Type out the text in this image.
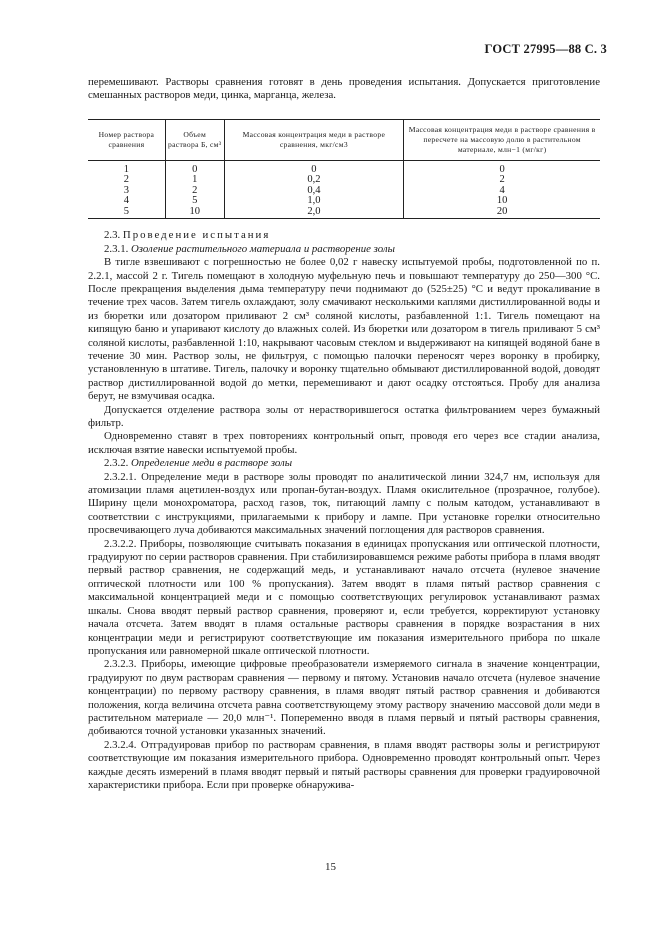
ГОСТ 27995—88 С. 3

перемешивают. Растворы сравнения готовят в день проведения испытания. Допускается приготовление смешанных растворов меди, цинка, марганца, железа.

Номер раствора сравнения	Объем раствора Б, см³	Массовая концентрация меди в растворе сравнения, мкг/см3	Массовая концентрация меди в растворе сравнения в пересчете на массовую долю в растительном материале, млн−1 (мг/кг)
1	0	0	0
2	1	0,2	2
3	2	0,4	4
4	5	1,0	10
5	10	2,0	20

2.3. Проведение испытания

2.3.1. Озоление растительного материала и растворение золы

В тигле взвешивают с погрешностью не более 0,02 г навеску испытуемой пробы, подготовленной по п. 2.2.1, массой 2 г. Тигель помещают в холодную муфельную печь и повышают температуру до 250—300 °С. После прекращения выделения дыма температуру печи поднимают до (525±25) °С и ведут прокаливание в течение трех часов. Затем тигель охлаждают, золу смачивают несколькими каплями дистиллированной воды и из бюретки или дозатором приливают 2 см³ соляной кислоты, разбавленной 1:1. Тигель помещают на кипящую баню и упаривают кислоту до влажных солей. Из бюретки или дозатором в тигель приливают 5 см³ соляной кислоты, разбавленной 1:10, накрывают часовым стеклом и выдерживают на кипящей водяной бане в течение 30 мин. Раствор золы, не фильтруя, с помощью палочки переносят через воронку в пробирку, установленную в штативе. Тигель, палочку и воронку тщательно обмывают дистиллированной водой, доводят раствор дистиллированной водой до метки, перемешивают и дают осадку отстояться. Пробу для анализа берут, не взмучивая осадка.

Допускается отделение раствора золы от нерастворившегося остатка фильтрованием через бумажный фильтр.

Одновременно ставят в трех повторениях контрольный опыт, проводя его через все стадии анализа, исключая взятие навески испытуемой пробы.

2.3.2. Определение меди в растворе золы

2.3.2.1. Определение меди в растворе золы проводят по аналитической линии 324,7 нм, используя для атомизации пламя ацетилен-воздух или пропан-бутан-воздух. Пламя окислительное (прозрачное, голубое). Ширину щели монохроматора, расход газов, ток, питающий лампу с полым катодом, устанавливают в соответствии с инструкциями, прилагаемыми к прибору и лампе. При установке горелки относительно просвечивающего луча добиваются максимальных значений поглощения для растворов сравнения.

2.3.2.2. Приборы, позволяющие считывать показания в единицах пропускания или оптической плотности, градуируют по серии растворов сравнения. При стабилизировавшемся режиме работы прибора в пламя вводят первый раствор сравнения, не содержащий медь, и устанавливают начало отсчета (нулевое значение оптической плотности или 100 % пропускания). Затем вводят в пламя пятый раствор сравнения с максимальной концентрацией меди и с помощью соответствующих регулировок устанавливают размах шкалы. Снова вводят первый раствор сравнения, проверяют и, если требуется, корректируют установку начала отсчета. Затем вводят в пламя остальные растворы сравнения в порядке возрастания в них концентрации меди и регистрируют соответствующие им показания измерительного прибора по шкале пропускания или равномерной шкале оптической плотности.

2.3.2.3. Приборы, имеющие цифровые преобразователи измеряемого сигнала в значение концентрации, градуируют по двум растворам сравнения — первому и пятому. Установив начало отсчета (нулевое значение концентрации) по первому раствору сравнения, в пламя вводят пятый раствор сравнения и добиваются положения, когда величина отсчета равна соответствующему этому раствору значению массовой доли меди в растительном материале — 20,0 млн⁻¹. Попеременно вводя в пламя первый и пятый растворы сравнения, добиваются точной установки указанных значений.

2.3.2.4. Отградуировав прибор по растворам сравнения, в пламя вводят растворы золы и регистрируют соответствующие им показания измерительного прибора. Одновременно проводят контрольный опыт. Через каждые десять измерений в пламя вводят первый и пятый растворы сравнения для проверки градуировочной характеристики прибора. Если при проверке обнаружива-

15
